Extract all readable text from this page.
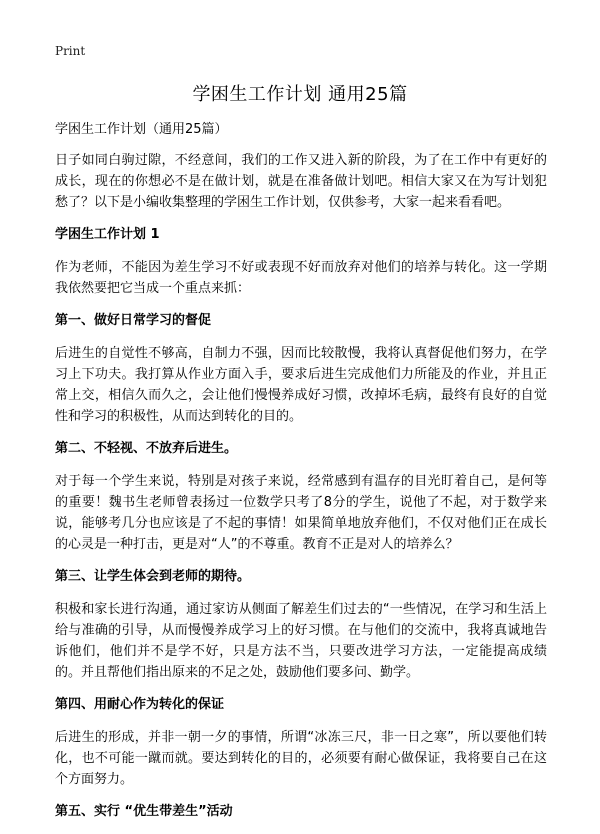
Print
学困生工作计划 通用25篇

学困生工作计划（通用25篇）

日子如同白驹过隙，不经意间，我们的工作又进入新的阶段，为了在工作中有更好的成长，现在的你想必不是在做计划，就是在准备做计划吧。相信大家又在为写计划犯愁了？以下是小编收集整理的学困生工作计划，仅供参考，大家一起来看看吧。

学困生工作计划 1

作为老师，不能因为差生学习不好或表现不好而放弃对他们的培养与转化。这一学期我依然要把它当成一个重点来抓：

第一、做好日常学习的督促

后进生的自觉性不够高，自制力不强，因而比较散慢，我将认真督促他们努力，在学习上下功夫。我打算从作业方面入手，要求后进生完成他们力所能及的作业，并且正常上交，相信久而久之，会让他们慢慢养成好习惯，改掉坏毛病，最终有良好的自觉性和学习的积极性，从而达到转化的目的。

第二、不轻视、不放弃后进生。

对于每一个学生来说，特别是对孩子来说，经常感到有温存的目光盯着自己，是何等的重要！魏书生老师曾表扬过一位数学只考了8分的学生，说他了不起，对于数学来说，能够考几分也应该是了不起的事情！如果简单地放弃他们，不仅对他们正在成长的心灵是一种打击，更是对“人”的不尊重。教育不正是对人的培养么？

第三、让学生体会到老师的期待。

积极和家长进行沟通，通过家访从侧面了解差生们过去的“一些情况，在学习和生活上给与准确的引导，从而慢慢养成学习上的好习惯。在与他们的交流中，我将真诚地告诉他们，他们并不是学不好，只是方法不当，只要改进学习方法，一定能提高成绩的。并且帮他们指出原来的不足之处，鼓励他们要多问、勤学。

第四、用耐心作为转化的保证

后进生的形成，并非一朝一夕的事情，所谓“冰冻三尺，非一日之寒”，所以要他们转化，也不可能一蹴而就。要达到转化的目的，必须要有耐心做保证，我将要自己在这个方面努力。

第五、实行 “优生带差生”活动
